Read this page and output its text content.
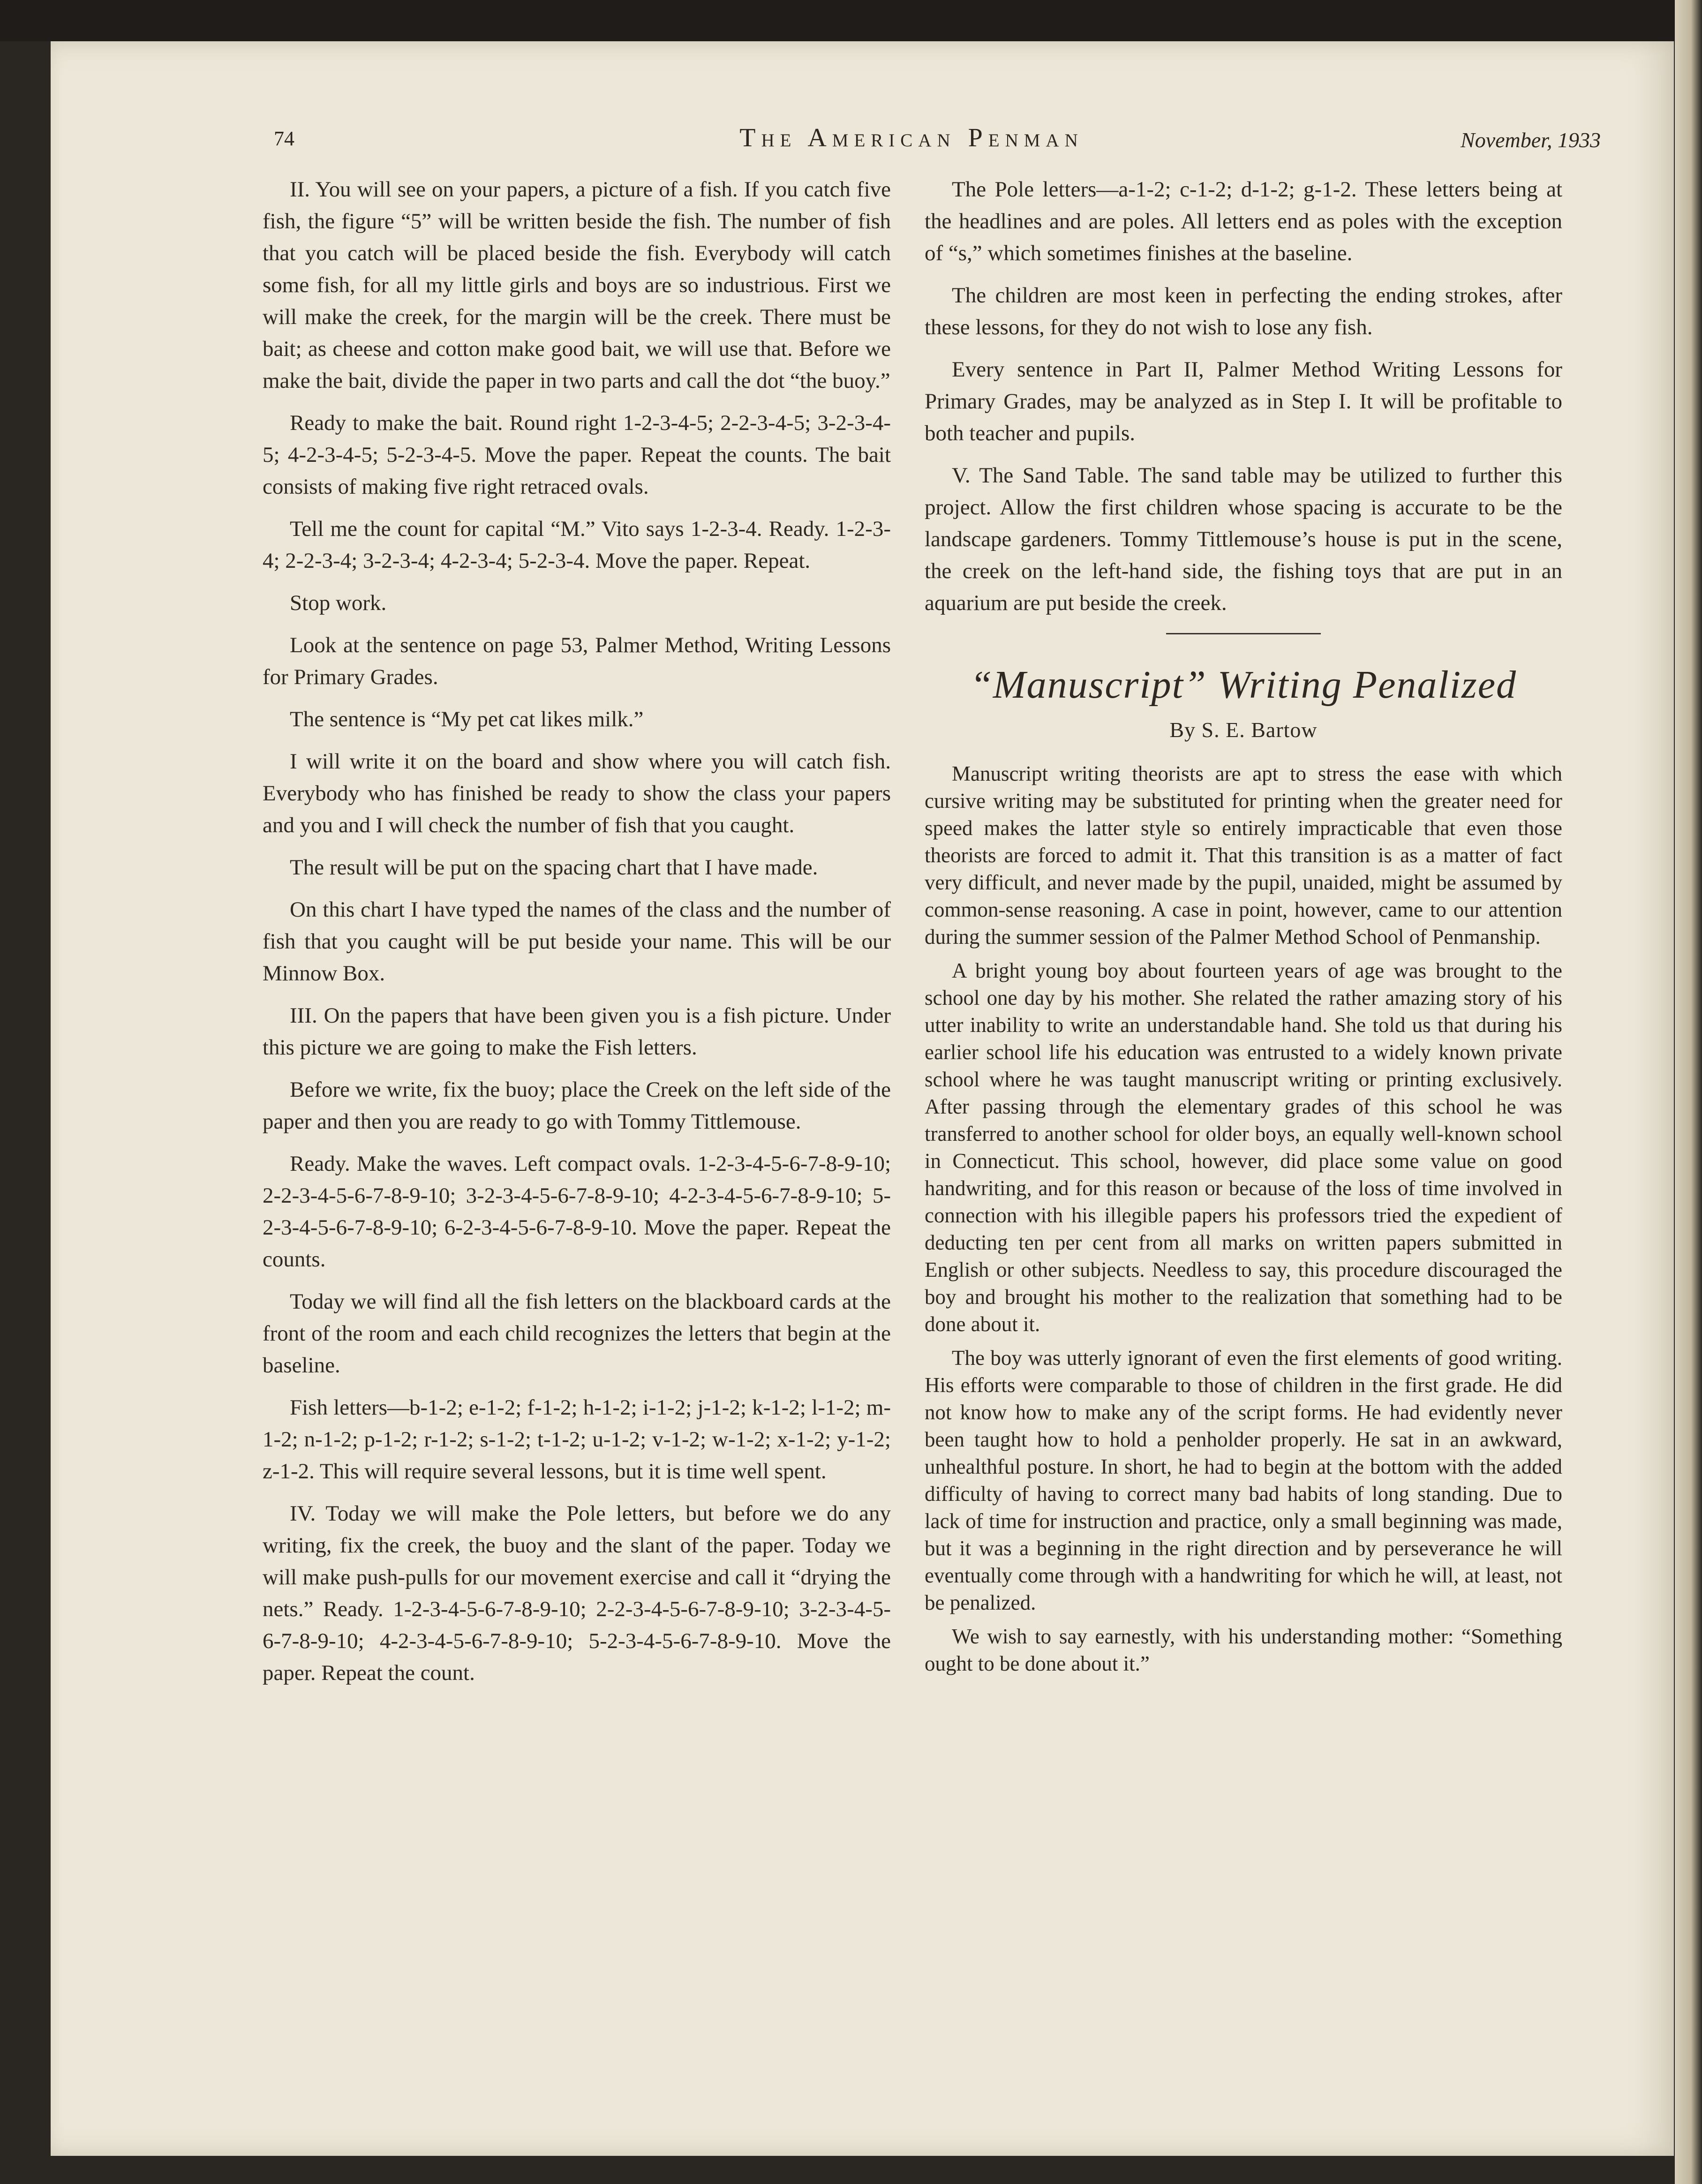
74	The American Penman	November, 1933

II. You will see on your papers, a picture of a fish. If you catch five fish, the figure “5” will be written beside the fish. The number of fish that you catch will be placed beside the fish. Everybody will catch some fish, for all my little girls and boys are so industrious. First we will make the creek, for the margin will be the creek. There must be bait; as cheese and cotton make good bait, we will use that. Before we make the bait, divide the paper in two parts and call the dot “the buoy.”

Ready to make the bait. Round right 1-2-3-4-5; 2-2-3-4-5; 3-2-3-4-5; 4-2-3-4-5; 5-2-3-4-5. Move the paper. Repeat the counts. The bait consists of making five right retraced ovals.

Tell me the count for capital “M.” Vito says 1-2-3-4. Ready. 1-2-3-4; 2-2-3-4; 3-2-3-4; 4-2-3-4; 5-2-3-4. Move the paper. Repeat.

Stop work.

Look at the sentence on page 53, Palmer Method, Writing Lessons for Primary Grades.

The sentence is “My pet cat likes milk.”

I will write it on the board and show where you will catch fish. Everybody who has finished be ready to show the class your papers and you and I will check the number of fish that you caught.

The result will be put on the spacing chart that I have made.

On this chart I have typed the names of the class and the number of fish that you caught will be put beside your name. This will be our Minnow Box.

III. On the papers that have been given you is a fish picture. Under this picture we are going to make the Fish letters.

Before we write, fix the buoy; place the Creek on the left side of the paper and then you are ready to go with Tommy Tittlemouse.

Ready. Make the waves. Left compact ovals. 1-2-3-4-5-6-7-8-9-10; 2-2-3-4-5-6-7-8-9-10; 3-2-3-4-5-6-7-8-9-10; 4-2-3-4-5-6-7-8-9-10; 5-2-3-4-5-6-7-8-9-10; 6-2-3-4-5-6-7-8-9-10. Move the paper. Repeat the counts.

Today we will find all the fish letters on the blackboard cards at the front of the room and each child recognizes the letters that begin at the baseline.

Fish letters—b-1-2; e-1-2; f-1-2; h-1-2; i-1-2; j-1-2; k-1-2; l-1-2; m-1-2; n-1-2; p-1-2; r-1-2; s-1-2; t-1-2; u-1-2; v-1-2; w-1-2; x-1-2; y-1-2; z-1-2. This will require several lessons, but it is time well spent.

IV. Today we will make the Pole letters, but before we do any writing, fix the creek, the buoy and the slant of the paper. Today we will make push-pulls for our movement exercise and call it “drying the nets.” Ready. 1-2-3-4-5-6-7-8-9-10; 2-2-3-4-5-6-7-8-9-10; 3-2-3-4-5-6-7-8-9-10; 4-2-3-4-5-6-7-8-9-10; 5-2-3-4-5-6-7-8-9-10. Move the paper. Repeat the count.

The Pole letters—a-1-2; c-1-2; d-1-2; g-1-2. These letters being at the headlines and are poles. All letters end as poles with the exception of “s,” which sometimes finishes at the baseline.

The children are most keen in perfecting the ending strokes, after these lessons, for they do not wish to lose any fish.

Every sentence in Part II, Palmer Method Writing Lessons for Primary Grades, may be analyzed as in Step I. It will be profitable to both teacher and pupils.

V. The Sand Table. The sand table may be utilized to further this project. Allow the first children whose spacing is accurate to be the landscape gardeners. Tommy Tittlemouse’s house is put in the scene, the creek on the left-hand side, the fishing toys that are put in an aquarium are put beside the creek.

“Manuscript” Writing Penalized
By S. E. Bartow

Manuscript writing theorists are apt to stress the ease with which cursive writing may be substituted for printing when the greater need for speed makes the latter style so entirely impracticable that even those theorists are forced to admit it. That this transition is as a matter of fact very difficult, and never made by the pupil, unaided, might be assumed by common-sense reasoning. A case in point, however, came to our attention during the summer session of the Palmer Method School of Penmanship.

A bright young boy about fourteen years of age was brought to the school one day by his mother. She related the rather amazing story of his utter inability to write an understandable hand. She told us that during his earlier school life his education was entrusted to a widely known private school where he was taught manuscript writing or printing exclusively. After passing through the elementary grades of this school he was transferred to another school for older boys, an equally well-known school in Connecticut. This school, however, did place some value on good handwriting, and for this reason or because of the loss of time involved in connection with his illegible papers his professors tried the expedient of deducting ten per cent from all marks on written papers submitted in English or other subjects. Needless to say, this procedure discouraged the boy and brought his mother to the realization that something had to be done about it.

The boy was utterly ignorant of even the first elements of good writing. His efforts were comparable to those of children in the first grade. He did not know how to make any of the script forms. He had evidently never been taught how to hold a penholder properly. He sat in an awkward, unhealthful posture. In short, he had to begin at the bottom with the added difficulty of having to correct many bad habits of long standing. Due to lack of time for instruction and practice, only a small beginning was made, but it was a beginning in the right direction and by perseverance he will eventually come through with a handwriting for which he will, at least, not be penalized.

We wish to say earnestly, with his understanding mother: “Something ought to be done about it.”
